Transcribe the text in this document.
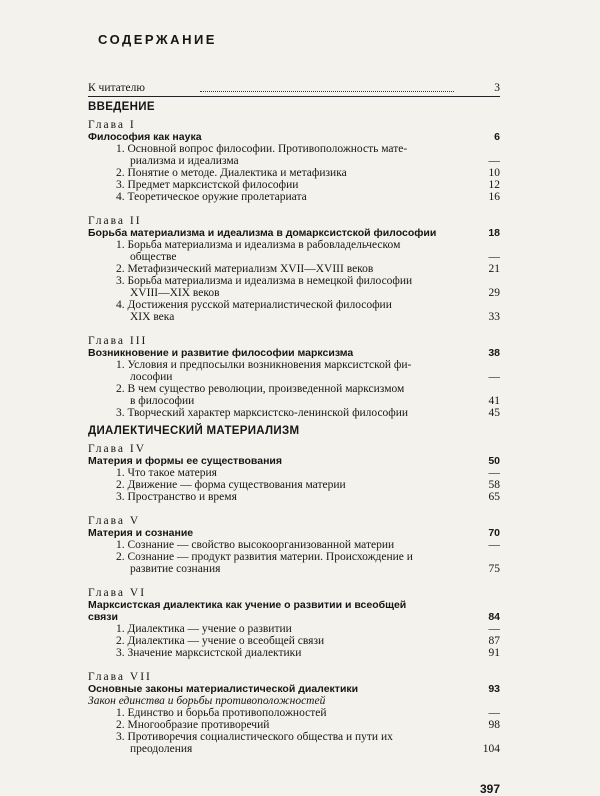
СОДЕРЖАНИЕ
К читателю	3
ВВЕДЕНИЕ
Глава I
Философия как наука	6
1. Основной вопрос философии. Противоположность мате-
риализма и идеализма	—
2. Понятие о методе. Диалектика и метафизика	10
3. Предмет марксистской философии	12
4. Теоретическое оружие пролетариата	16
Глава II
Борьба материализма и идеализма в домарксистской философии	18
1. Борьба материализма и идеализма в рабовладельческом
обществе	—
2. Метафизический материализм XVII—XVIII веков	21
3. Борьба материализма и идеализма в немецкой философии
XVIII—XIX веков	29
4. Достижения русской материалистической философии
XIX века	33
Глава III
Возникновение и развитие философии марксизма	38
1. Условия и предпосылки возникновения марксистской фи-
лософии	—
2. В чем существо революции, произведенной марксизмом
в философии	41
3. Творческий характер марксистско-ленинской философии	45
ДИАЛЕКТИЧЕСКИЙ МАТЕРИАЛИЗМ
Глава IV
Материя и формы ее существования	50
1. Что такое материя	—
2. Движение — форма существования материи	58
3. Пространство и время	65
Глава V
Материя и сознание	70
1. Сознание — свойство высокоорганизованной материи	—
2. Сознание — продукт развития материи. Происхождение и
развитие сознания	75
Глава VI
Марксистская диалектика как учение о развитии и всеобщей
связи	84
1. Диалектика — учение о развитии	—
2. Диалектика — учение о всеобщей связи	87
3. Значение марксистской диалектики	91
Глава VII
Основные законы материалистической диалектики	93
Закон единства и борьбы противоположностей
1. Единство и борьба противоположностей	—
2. Многообразие противоречий	98
3. Противоречия социалистического общества и пути их
преодоления	104
397
